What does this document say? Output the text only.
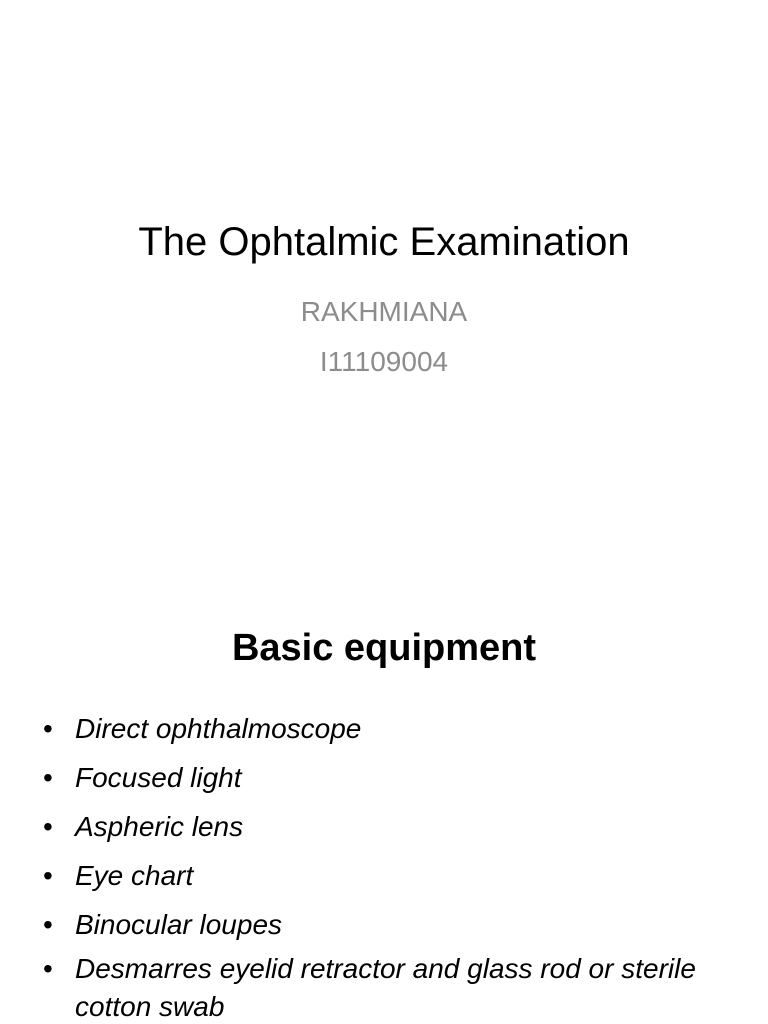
The Ophtalmic Examination

RAKHMIANA

I11109004

Basic equipment
• Direct ophthalmoscope
• Focused light
• Aspheric lens
• Eye chart
• Binocular loupes
• Desmarres eyelid retractor and glass rod or sterile cotton swab
